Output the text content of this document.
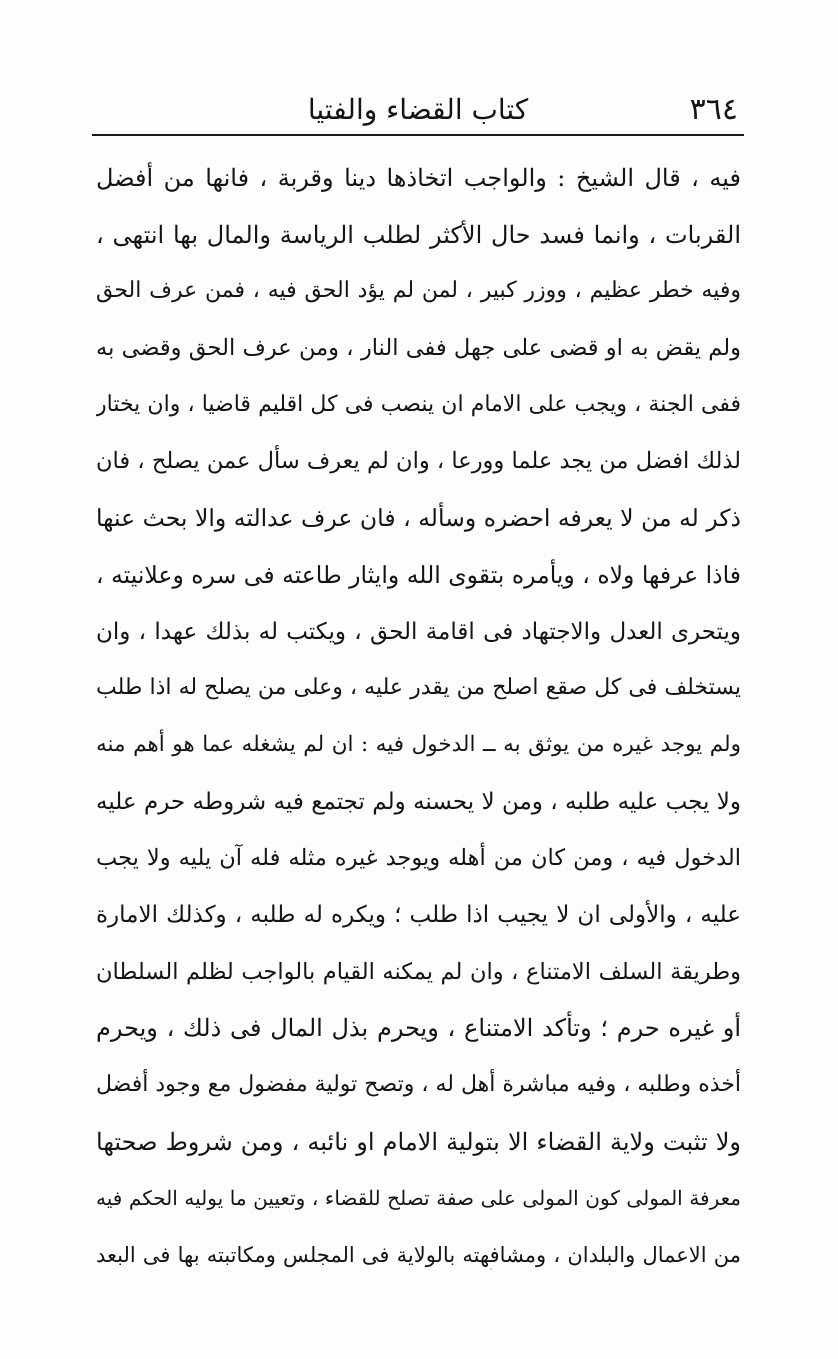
٣٦٤
كتاب القضاء والفتيا
فيه ، قال الشيخ : والواجب اتخاذها دينا وقربة ، فانها من أفضل
القربات ، وانما فسد حال الأكثر لطلب الرياسة والمال بها انتهى ،
وفيه خطر عظيم ، ووزر كبير ، لمن لم يؤد الحق فيه ، فمن عرف الحق
ولم يقض به او قضى على جهل ففى النار ، ومن عرف الحق وقضى به
ففى الجنة ، ويجب على الامام ان ينصب فى كل اقليم قاضيا ، وان يختار
لذلك افضل من يجد علما وورعا ، وان لم يعرف سأل عمن يصلح ، فان
ذكر له من لا يعرفه احضره وسأله ، فان عرف عدالته والا بحث عنها
فاذا عرفها ولاه ، ويأمره بتقوى الله وايثار طاعته فى سره وعلانيته ،
ويتحرى العدل والاجتهاد فى اقامة الحق ، ويكتب له بذلك عهدا ، وان
يستخلف فى كل صقع اصلح من يقدر عليه ، وعلى من يصلح له اذا طلب
ولم يوجد غيره من يوثق به ــ الدخول فيه : ان لم يشغله عما هو أهم منه
ولا يجب عليه طلبه ، ومن لا يحسنه ولم تجتمع فيه شروطه حرم عليه
الدخول فيه ، ومن كان من أهله ويوجد غيره مثله فله آن يليه ولا يجب
عليه ، والأولى ان لا يجيب اذا طلب ؛ ويكره له طلبه ، وكذلك الامارة
وطريقة السلف الامتناع ، وان لم يمكنه القيام بالواجب لظلم السلطان
أو غيره حرم ؛ وتأكد الامتناع ، ويحرم بذل المال فى ذلك ، ويحرم
أخذه وطلبه ، وفيه مباشرة أهل له ، وتصح تولية مفضول مع وجود أفضل
ولا تثبت ولاية القضاء الا بتولية الامام او نائبه ، ومن شروط صحتها
معرفة المولى كون المولى على صفة تصلح للقضاء ، وتعيين ما يوليه الحكم فيه
من الاعمال والبلدان ، ومشافهته بالولاية فى المجلس ومكاتبته بها فى البعد
